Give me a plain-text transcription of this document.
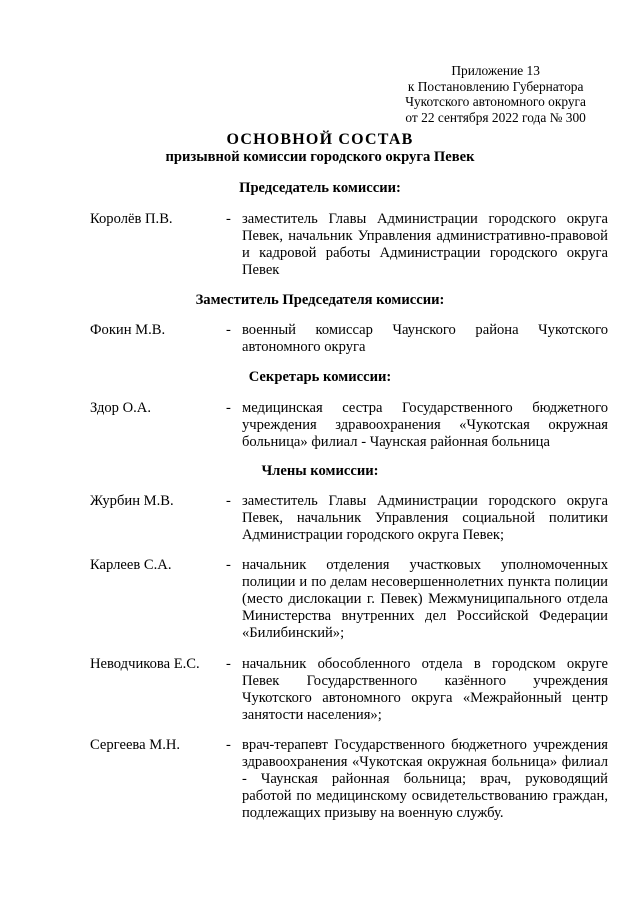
Приложение 13
к Постановлению Губернатора
Чукотского автономного округа
от 22 сентября 2022 года № 300
ОСНОВНОЙ СОСТАВ
призывной комиссии городского округа Певек
Председатель комиссии:
Королёв П.В.	- заместитель Главы Администрации городского округа Певек, начальник Управления административно-правовой и кадровой работы Администрации городского округа Певек
Заместитель Председателя комиссии:
Фокин М.В.	- военный комиссар Чаунского района Чукотского автономного округа
Секретарь комиссии:
Здор О.А.	- медицинская сестра Государственного бюджетного учреждения здравоохранения «Чукотская окружная больница» филиал - Чаунская районная больница
Члены комиссии:
Журбин М.В.	- заместитель Главы Администрации городского округа Певек, начальник Управления социальной политики Администрации городского округа Певек;
Карлеев С.А.	- начальник отделения участковых уполномоченных полиции и по делам несовершеннолетних пункта полиции (место дислокации г. Певек) Межмуниципального отдела Министерства внутренних дел Российской Федерации «Билибинский»;
Неводчикова Е.С. - начальник обособленного отдела в городском округе Певек Государственного казённого учреждения Чукотского автономного округа «Межрайонный центр занятости населения»;
Сергеева М.Н.	- врач-терапевт Государственного бюджетного учреждения здравоохранения «Чукотская окружная больница» филиал - Чаунская районная больница; врач, руководящий работой по медицинскому освидетельствованию граждан, подлежащих призыву на военную службу.
